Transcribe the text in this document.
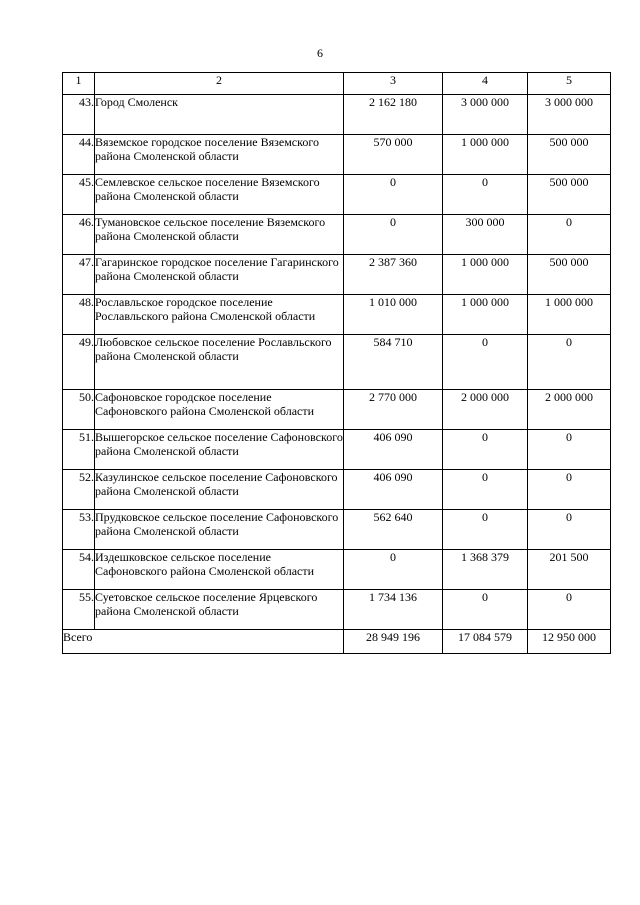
6
1	2	3	4	5
43.	Город Смоленск	2 162 180	3 000 000	3 000 000
44.	Вяземское городское поселение Вяземского района Смоленской области	570 000	1 000 000	500 000
45.	Семлевское сельское поселение Вяземского района Смоленской области	0	0	500 000
46.	Тумановское сельское поселение Вяземского района Смоленской области	0	300 000	0
47.	Гагаринское городское поселение Гагаринского района Смоленской области	2 387 360	1 000 000	500 000
48.	Рославльское городское поселение Рославльского района Смоленской области	1 010 000	1 000 000	1 000 000
49.	Любовское сельское поселение Рославльского района Смоленской области	584 710	0	0
50.	Сафоновское городское поселение Сафоновского района Смоленской области	2 770 000	2 000 000	2 000 000
51.	Вышегорское сельское поселение Сафоновского района Смоленской области	406 090	0	0
52.	Казулинское сельское поселение Сафоновского района Смоленской области	406 090	0	0
53.	Прудковское сельское поселение Сафоновского района Смоленской области	562 640	0	0
54.	Издешковское сельское поселение Сафоновского района Смоленской области	0	1 368 379	201 500
55.	Суетовское сельское поселение Ярцевского района Смоленской области	1 734 136	0	0
Всего		28 949 196	17 084 579	12 950 000
